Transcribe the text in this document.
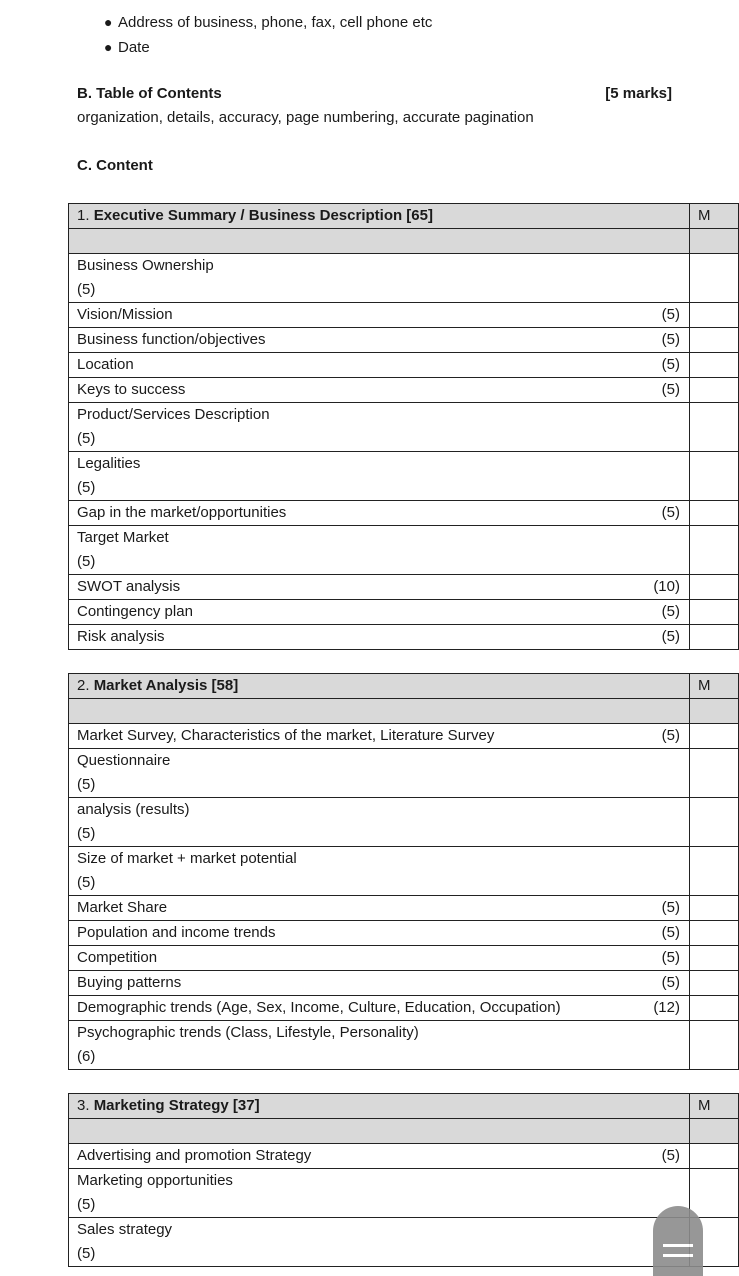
● Address of business, phone, fax, cell phone etc
● Date
B. Table of Contents	[5 marks]
organization, details, accuracy, page numbering, accurate pagination
C. Content
1. Executive Summary / Business Description [65]	M

Business Ownership
(5)	

Vision/Mission (5)	

Business function/objectives (5)	

Location (5)	

Keys to success (5)	

Product/Services Description
(5)	

Legalities
(5)	

Gap in the market/opportunities (5)	

Target Market
(5)	

SWOT analysis (10)	

Contingency plan (5)	

Risk analysis (5)	

2. Market Analysis [58]	M

Market Survey, Characteristics of the market, Literature Survey (5)	

Questionnaire
(5)	

analysis (results)
(5)	

Size of market + market potential
(5)	

Market Share (5)	

Population and income trends (5)	

Competition (5)	

Buying patterns (5)	

Demographic trends (Age, Sex, Income, Culture, Education, Occupation) (12)	

Psychographic trends (Class, Lifestyle, Personality)
(6)	

3. Marketing Strategy [37]	M

Advertising and promotion Strategy (5)	

Marketing opportunities
(5)	

Sales strategy
(5)	
